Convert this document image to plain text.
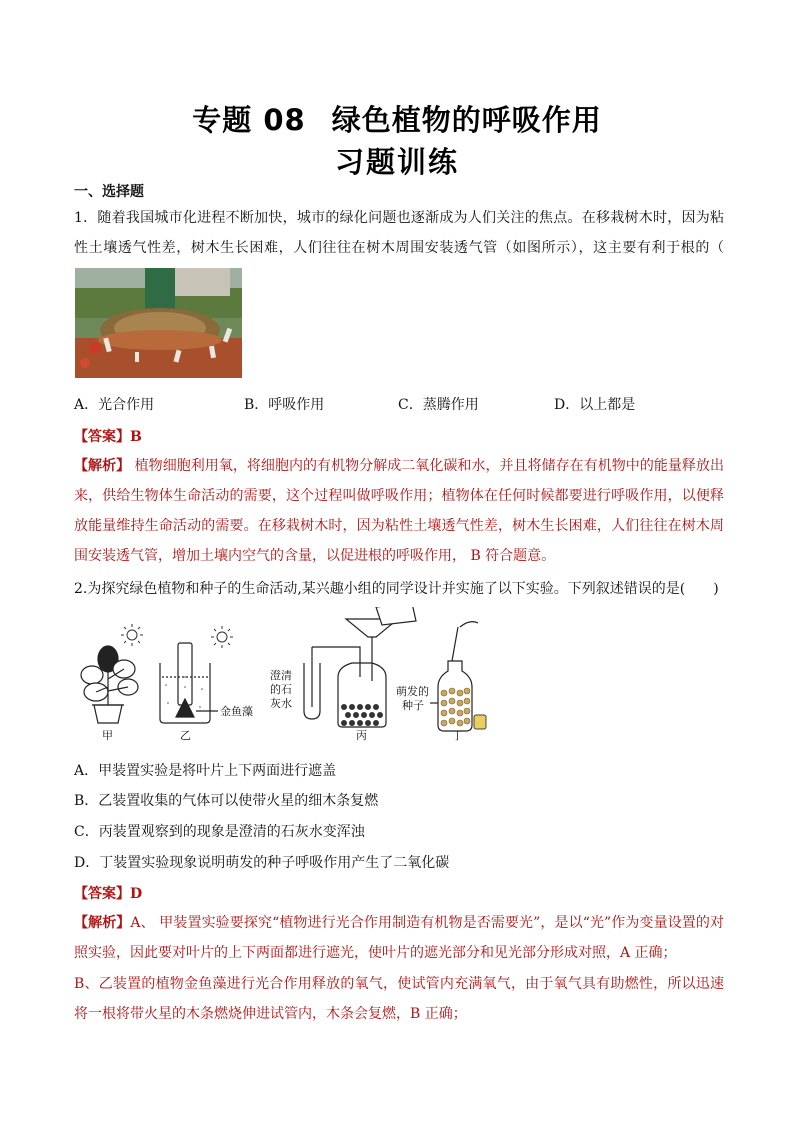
专题 08 绿色植物的呼吸作用
习题训练
一、选择题
1．随着我国城市化进程不断加快，城市的绿化问题也逐渐成为人们关注的焦点。在移栽树木时，因为粘性土壤透气性差，树木生长困难，人们往往在树木周围安装透气管（如图所示），这主要有利于根的（
A．光合作用	B．呼吸作用	C．蒸腾作用	D．以上都是
【答案】B
【解析】 植物细胞利用氧，将细胞内的有机物分解成二氧化碳和水，并且将储存在有机物中的能量释放出来，供给生物体生命活动的需要，这个过程叫做呼吸作用；植物体在任何时候都要进行呼吸作用，以便释放能量维持生命活动的需要。在移栽树木时，因为粘性土壤透气性差，树木生长困难，人们往往在树木周围安装透气管，增加土壤内空气的含量，以促进根的呼吸作用， B 符合题意。
2.为探究绿色植物和种子的生命活动,某兴趣小组的同学设计并实施了以下实验。下列叙述错误的是( )
甲
金鱼藻
乙
澄清
的石
灰水
丙
萌发的
种子
丁
A．甲装置实验是将叶片上下两面进行遮盖
B．乙装置收集的气体可以使带火星的细木条复燃
C．丙装置观察到的现象是澄清的石灰水变浑浊
D．丁装置实验现象说明萌发的种子呼吸作用产生了二氧化碳
【答案】D
【解析】A、 甲装置实验要探究“植物进行光合作用制造有机物是否需要光”，是以“光”作为变量设置的对照实验，因此要对叶片的上下两面都进行遮光，使叶片的遮光部分和见光部分形成对照，A 正确；
B、乙装置的植物金鱼藻进行光合作用释放的氧气，使试管内充满氧气，由于氧气具有助燃性，所以迅速将一根将带火星的木条燃烧伸进试管内，木条会复燃，B 正确；
